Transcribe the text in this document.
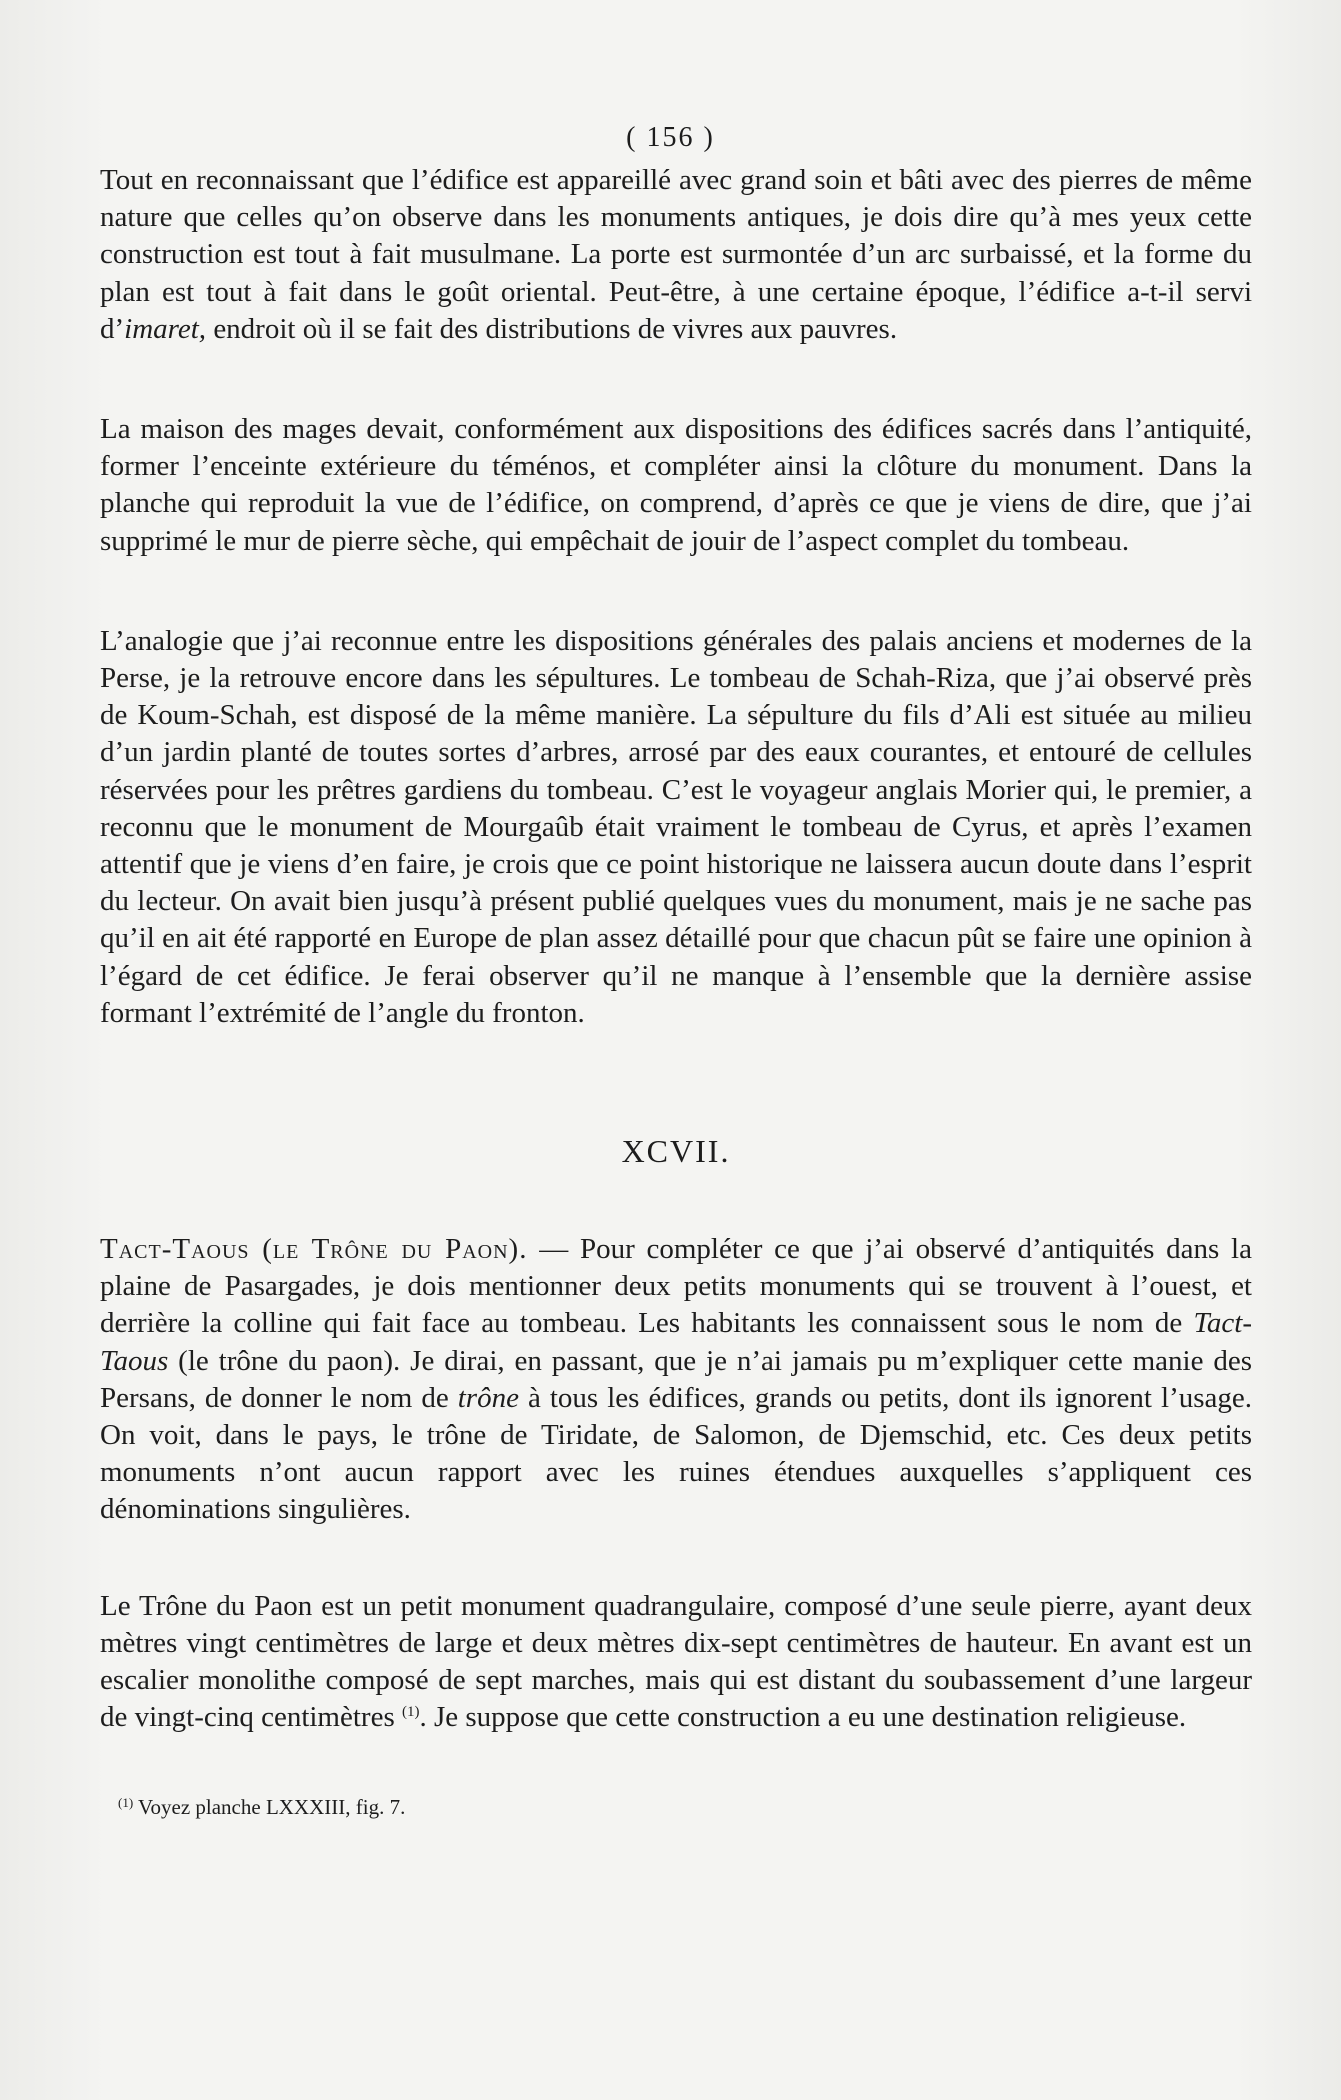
( 156 )

Tout en reconnaissant que l’édifice est appareillé avec grand soin et bâti avec des pierres de même nature que celles qu’on observe dans les monuments antiques, je dois dire qu’à mes yeux cette construction est tout à fait musulmane. La porte est surmontée d’un arc surbaissé, et la forme du plan est tout à fait dans le goût oriental. Peut-être, à une certaine époque, l’édifice a-t-il servi d’imaret, endroit où il se fait des distributions de vivres aux pauvres.

La maison des mages devait, conformément aux dispositions des édifices sacrés dans l’antiquité, former l’enceinte extérieure du téménos, et compléter ainsi la clôture du monument. Dans la planche qui reproduit la vue de l’édifice, on comprend, d’après ce que je viens de dire, que j’ai supprimé le mur de pierre sèche, qui empêchait de jouir de l’aspect complet du tombeau.

L’analogie que j’ai reconnue entre les dispositions générales des palais anciens et modernes de la Perse, je la retrouve encore dans les sépultures. Le tombeau de Schah-Riza, que j’ai observé près de Koum-Schah, est disposé de la même manière. La sépulture du fils d’Ali est située au milieu d’un jardin planté de toutes sortes d’arbres, arrosé par des eaux courantes, et entouré de cellules réservées pour les prêtres gardiens du tombeau. C’est le voyageur anglais Morier qui, le premier, a reconnu que le monument de Mourgaûb était vraiment le tombeau de Cyrus, et après l’examen attentif que je viens d’en faire, je crois que ce point historique ne laissera aucun doute dans l’esprit du lecteur. On avait bien jusqu’à présent publié quelques vues du monument, mais je ne sache pas qu’il en ait été rapporté en Europe de plan assez détaillé pour que chacun pût se faire une opinion à l’égard de cet édifice. Je ferai observer qu’il ne manque à l’ensemble que la dernière assise formant l’extrémité de l’angle du fronton.

XCVII.

Tact-Taous (le Trône du Paon). — Pour compléter ce que j’ai observé d’antiquités dans la plaine de Pasargades, je dois mentionner deux petits monuments qui se trouvent à l’ouest, et derrière la colline qui fait face au tombeau. Les habitants les connaissent sous le nom de Tact-Taous (le trône du paon). Je dirai, en passant, que je n’ai jamais pu m’expliquer cette manie des Persans, de donner le nom de trône à tous les édifices, grands ou petits, dont ils ignorent l’usage. On voit, dans le pays, le trône de Tiridate, de Salomon, de Djemschid, etc. Ces deux petits monuments n’ont aucun rapport avec les ruines étendues auxquelles s’appliquent ces dénominations singulières.

Le Trône du Paon est un petit monument quadrangulaire, composé d’une seule pierre, ayant deux mètres vingt centimètres de large et deux mètres dix-sept centimètres de hauteur. En avant est un escalier monolithe composé de sept marches, mais qui est distant du soubassement d’une largeur de vingt-cinq centimètres $^{(1)}$. Je suppose que cette construction a eu une destination religieuse.

$^{(1)}$ Voyez planche LXXXIII, fig. 7.
